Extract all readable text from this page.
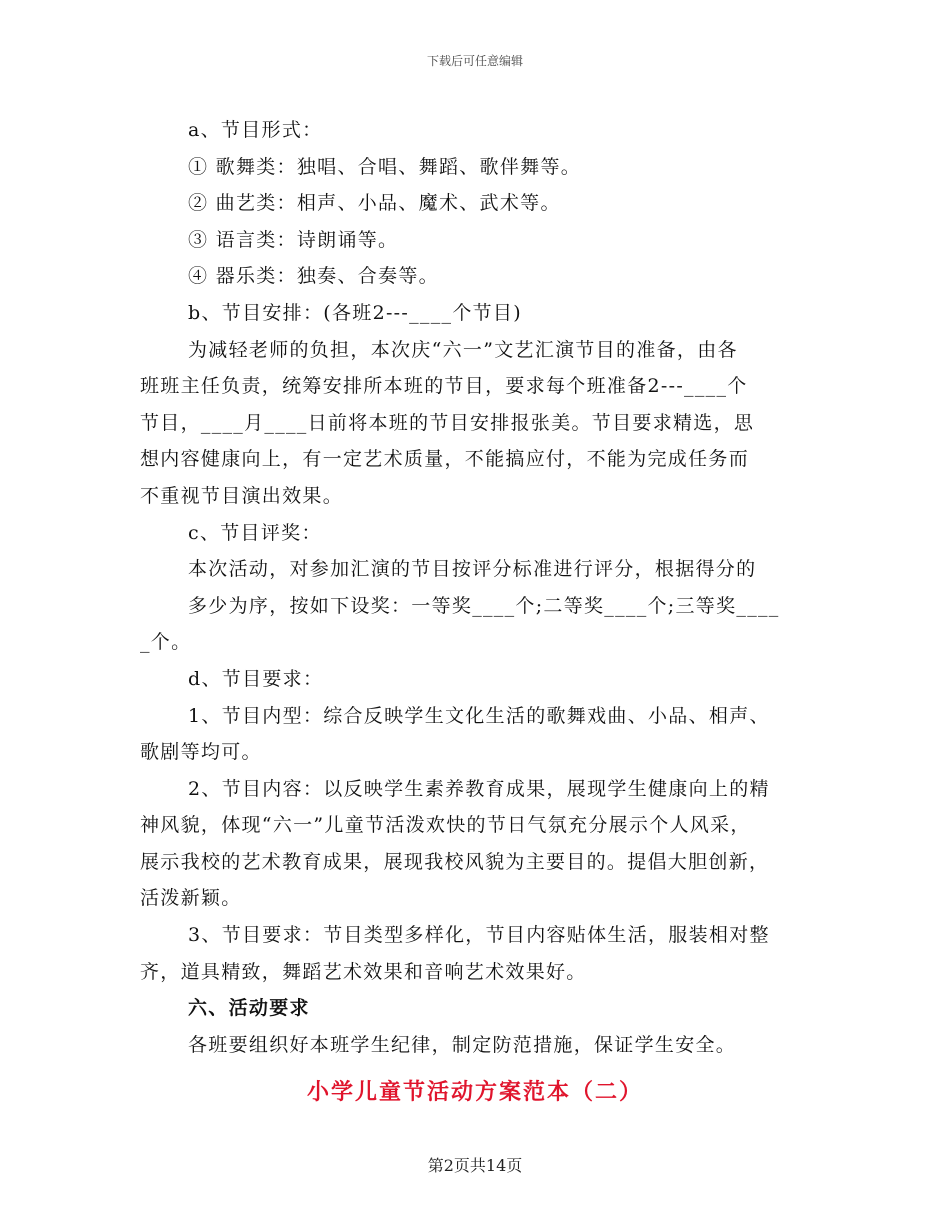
下载后可任意编辑
a、节目形式：
① 歌舞类：独唱、合唱、舞蹈、歌伴舞等。
② 曲艺类：相声、小品、魔术、武术等。
③ 语言类：诗朗诵等。
④ 器乐类：独奏、合奏等。
b、节目安排：(各班2---____个节目)
为减轻老师的负担，本次庆“六一”文艺汇演节目的准备，由各
班班主任负责，统筹安排所本班的节目，要求每个班准备2---____个
节目，____月____日前将本班的节目安排报张美。节目要求精选，思
想内容健康向上，有一定艺术质量，不能搞应付，不能为完成任务而
不重视节目演出效果。
c、节目评奖：
本次活动，对参加汇演的节目按评分标准进行评分，根据得分的
多少为序，按如下设奖：一等奖____个;二等奖____个;三等奖____
_个。
d、节目要求：
1、节目内型：综合反映学生文化生活的歌舞戏曲、小品、相声、
歌剧等均可。
2、节目内容：以反映学生素养教育成果，展现学生健康向上的精
神风貌，体现“六一”儿童节活泼欢快的节日气氛充分展示个人风采，
展示我校的艺术教育成果，展现我校风貌为主要目的。提倡大胆创新，
活泼新颖。
3、节目要求：节目类型多样化，节目内容贴体生活，服装相对整
齐，道具精致，舞蹈艺术效果和音响艺术效果好。
六、活动要求
各班要组织好本班学生纪律，制定防范措施，保证学生安全。
小学儿童节活动方案范本（二）
第2页共14页
